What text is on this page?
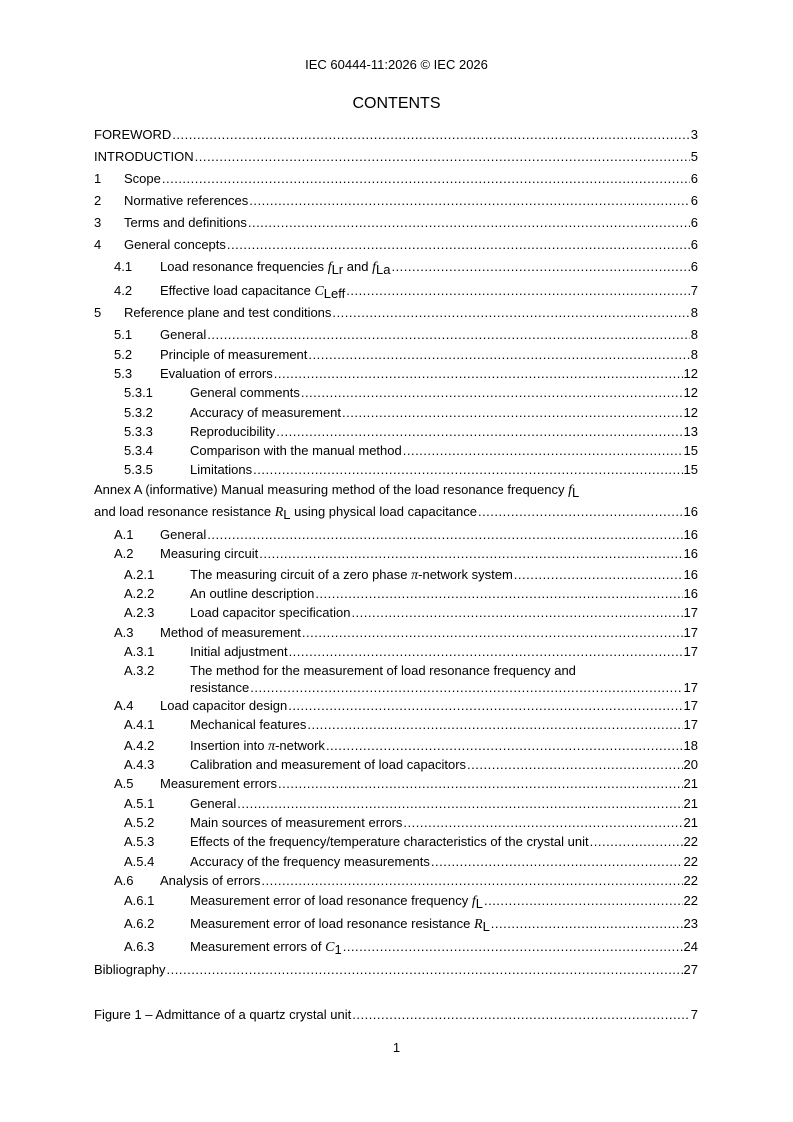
IEC 60444-11:2026 © IEC 2026
CONTENTS
FOREWORD .....	3
INTRODUCTION .....	5
1	Scope .....	6
2	Normative references .....	6
3	Terms and definitions .....	6
4	General concepts .....	6
4.1	Load resonance frequencies fLr and fLa .....	6
4.2	Effective load capacitance CLeff .....	7
5	Reference plane and test conditions .....	8
5.1	General .....	8
5.2	Principle of measurement .....	8
5.3	Evaluation of errors .....	12
5.3.1	General comments .....	12
5.3.2	Accuracy of measurement .....	12
5.3.3	Reproducibility .....	13
5.3.4	Comparison with the manual method .....	15
5.3.5	Limitations .....	15
Annex A (informative) Manual measuring method of the load resonance frequency fL
and load resonance resistance RL using physical load capacitance .....	16
A.1	General .....	16
A.2	Measuring circuit .....	16
A.2.1	The measuring circuit of a zero phase π-network system .....	16
A.2.2	An outline description .....	16
A.2.3	Load capacitor specification .....	17
A.3	Method of measurement .....	17
A.3.1	Initial adjustment .....	17
A.3.2	The method for the measurement of load resonance frequency and
resistance .....	17
A.4	Load capacitor design .....	17
A.4.1	Mechanical features .....	17
A.4.2	Insertion into π-network .....	18
A.4.3	Calibration and measurement of load capacitors .....	20
A.5	Measurement errors .....	21
A.5.1	General .....	21
A.5.2	Main sources of measurement errors .....	21
A.5.3	Effects of the frequency/temperature characteristics of the crystal unit .....	22
A.5.4	Accuracy of the frequency measurements .....	22
A.6	Analysis of errors .....	22
A.6.1	Measurement error of load resonance frequency fL .....	22
A.6.2	Measurement error of load resonance resistance RL .....	23
A.6.3	Measurement errors of C1 .....	24
Bibliography .....	27
Figure 1 – Admittance of a quartz crystal unit .....	7
1
